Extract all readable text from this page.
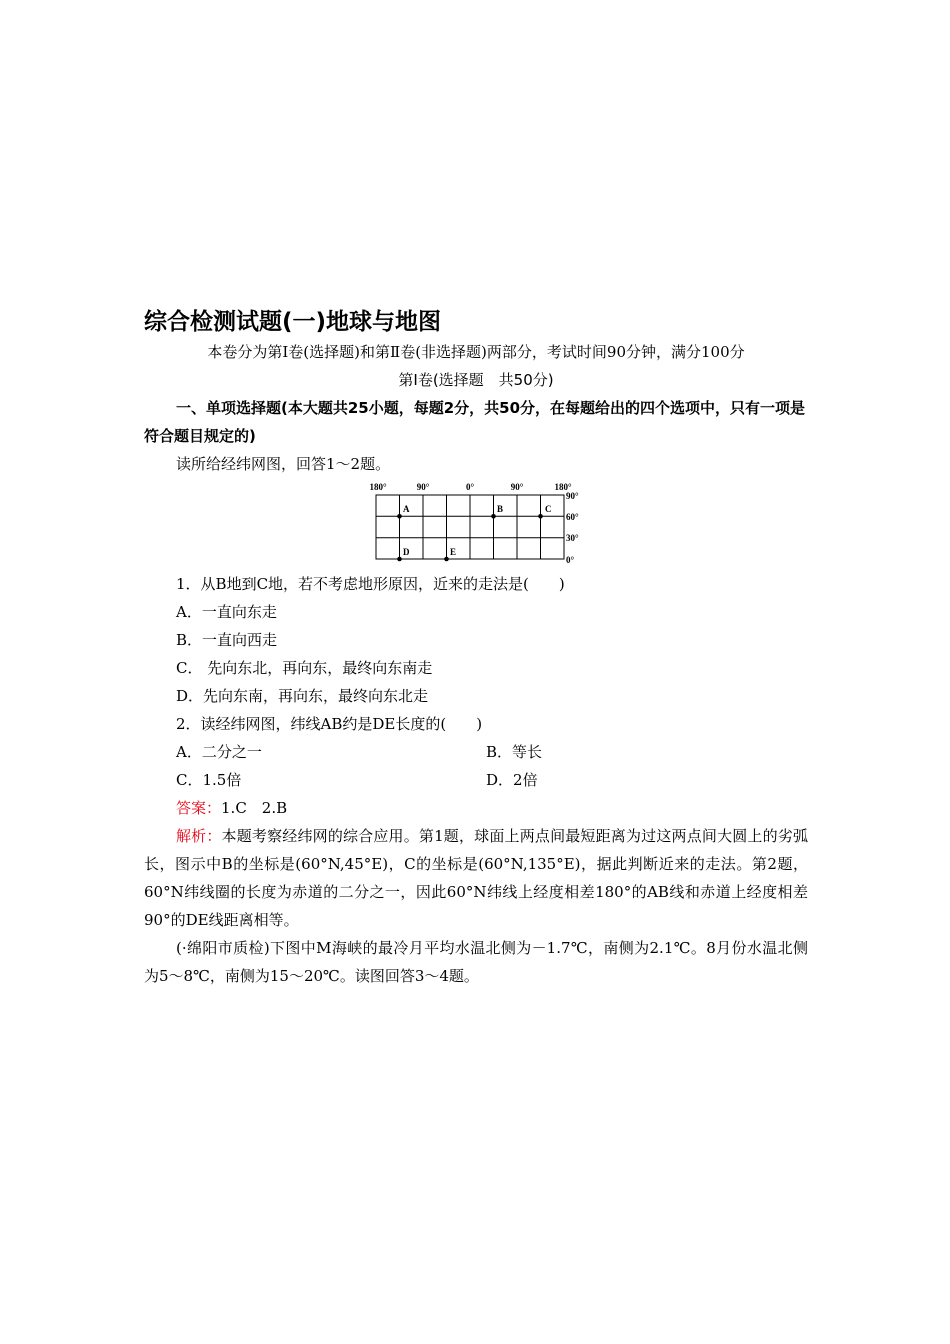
综合检测试题(一)地球与地图

本卷分为第Ⅰ卷(选择题)和第Ⅱ卷(非选择题)两部分，考试时间90分钟，满分100分

第Ⅰ卷(选择题　共50分)

一、单项选择题(本大题共25小题，每题2分，共50分，在每题给出的四个选项中，只有一项是符合题目规定的)

读所给经纬网图，回答1～2题。

180°	90°	0°	90°	180°
90°
60°
30°
0°
A	B	C
D	E

1．从B地到C地，若不考虑地形原因，近来的走法是(　　)

A．一直向东走

B．一直向西走

C． 先向东北，再向东，最终向东南走

D．先向东南，再向东，最终向东北走

2．读经纬网图，纬线AB约是DE长度的(　　)

A．二分之一	B．等长

C．1.5倍	D．2倍

答案：1.C　2.B

解析：本题考察经纬网的综合应用。第1题，球面上两点间最短距离为过这两点间大圆上的劣弧长，图示中B的坐标是(60°N,45°E)，C的坐标是(60°N,135°E)，据此判断近来的走法。第2题，60°N纬线圈的长度为赤道的二分之一，因此60°N纬线上经度相差180°的AB线和赤道上经度相差90°的DE线距离相等。

(·绵阳市质检)下图中M海峡的最冷月平均水温北侧为－1.7℃，南侧为2.1℃。8月份水温北侧为5～8℃，南侧为15～20℃。读图回答3～4题。
